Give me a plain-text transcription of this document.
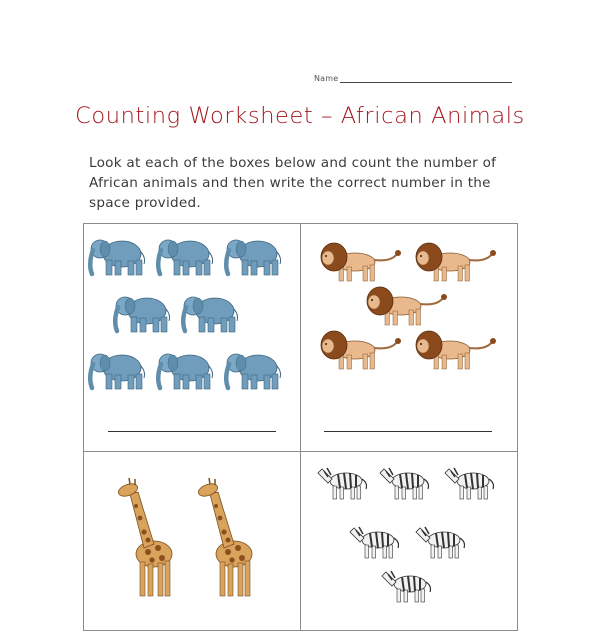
Name
Counting Worksheet – African Animals
Look at each of the boxes below and count the number of African animals and then write the correct number in the space provided.
